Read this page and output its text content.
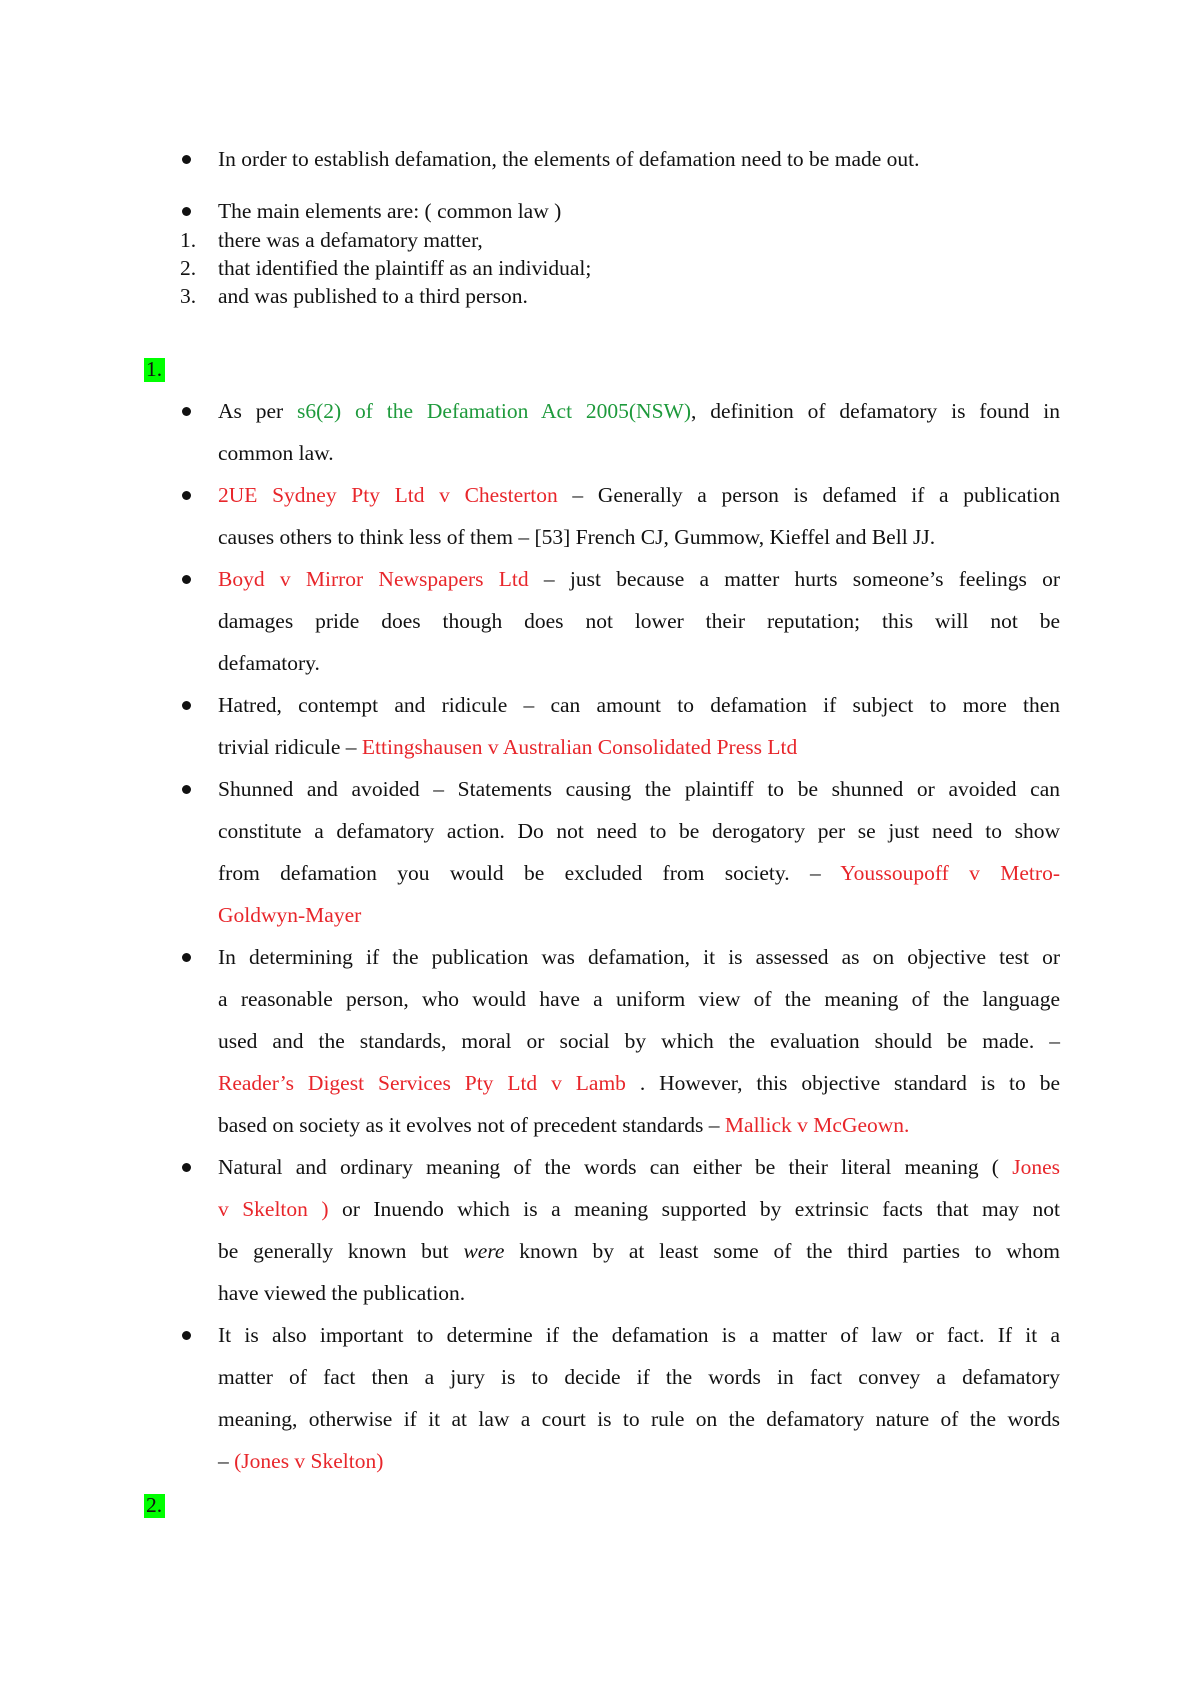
In order to establish defamation, the elements of defamation need to be made out.
The main elements are: ( common law )
1. there was a defamatory matter,
2. that identified the plaintiff as an individual;
3. and was published to a third person.
1.
As per s6(2) of the Defamation Act 2005(NSW), definition of defamatory is found in
common law.
2UE Sydney Pty Ltd v Chesterton – Generally a person is defamed if a publication
causes others to think less of them – [53] French CJ, Gummow, Kieffel and Bell JJ.
Boyd v Mirror Newspapers Ltd – just because a matter hurts someone’s feelings or
damages pride does though does not lower their reputation; this will not be
defamatory.
Hatred, contempt and ridicule – can amount to defamation if subject to more then
trivial ridicule – Ettingshausen v Australian Consolidated Press Ltd
Shunned and avoided – Statements causing the plaintiff to be shunned or avoided can
constitute a defamatory action. Do not need to be derogatory per se just need to show
from defamation you would be excluded from society. – Youssoupoff v Metro-
Goldwyn-Mayer
In determining if the publication was defamation, it is assessed as on objective test or
a reasonable person, who would have a uniform view of the meaning of the language
used and the standards, moral or social by which the evaluation should be made. –
Reader’s Digest Services Pty Ltd v Lamb . However, this objective standard is to be
based on society as it evolves not of precedent standards – Mallick v McGeown.
Natural and ordinary meaning of the words can either be their literal meaning ( Jones
v Skelton ) or Inuendo which is a meaning supported by extrinsic facts that may not
be generally known but were known by at least some of the third parties to whom
have viewed the publication.
It is also important to determine if the defamation is a matter of law or fact. If it a
matter of fact then a jury is to decide if the words in fact convey a defamatory
meaning, otherwise if it at law a court is to rule on the defamatory nature of the words
– (Jones v Skelton)
2.
